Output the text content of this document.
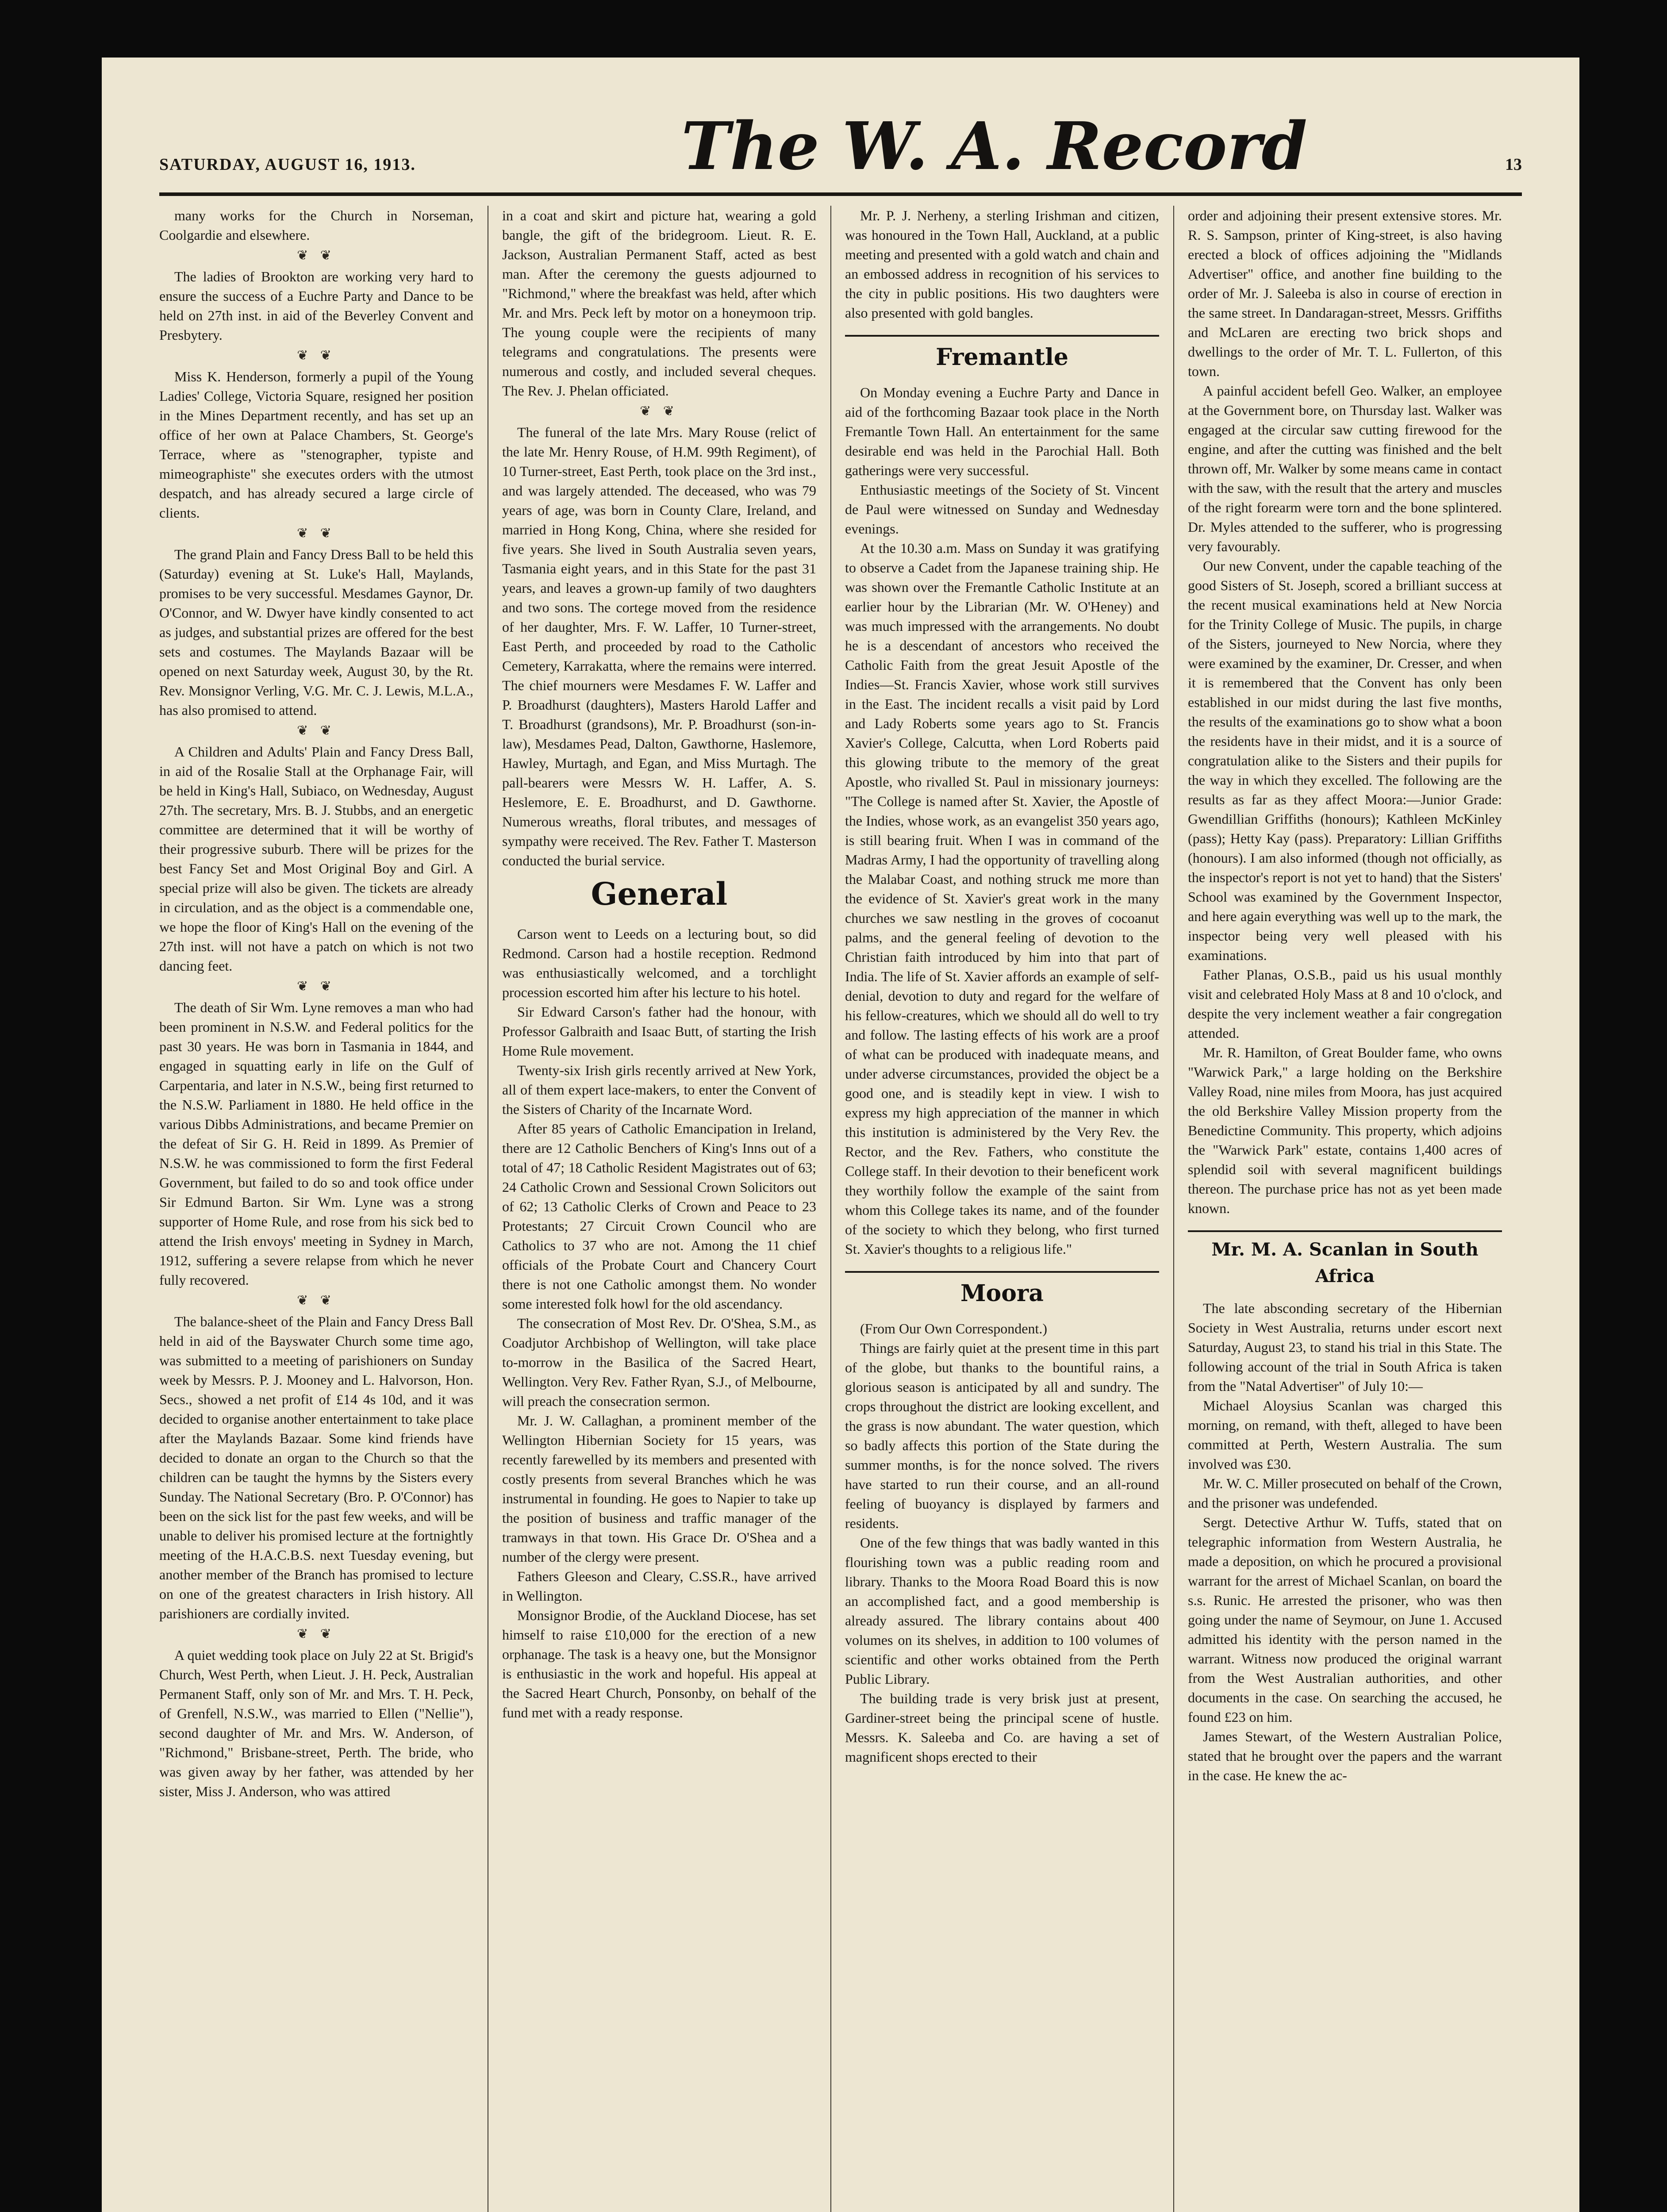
SATURDAY, AUGUST 16, 1913.	The W. A. Record	13

many works for the Church in Norseman, Coolgardie and elsewhere.

❦ ❦

The ladies of Brookton are working very hard to ensure the success of a Euchre Party and Dance to be held on 27th inst. in aid of the Beverley Convent and Presbytery.

❦ ❦

Miss K. Henderson, formerly a pupil of the Young Ladies' College, Victoria Square, resigned her position in the Mines Department recently, and has set up an office of her own at Palace Chambers, St. George's Terrace, where as "stenographer, typiste and mimeographiste" she executes orders with the utmost despatch, and has already secured a large circle of clients.

❦ ❦

The grand Plain and Fancy Dress Ball to be held this (Saturday) evening at St. Luke's Hall, Maylands, promises to be very successful. Mesdames Gaynor, Dr. O'Connor, and W. Dwyer have kindly consented to act as judges, and substantial prizes are offered for the best sets and costumes. The Maylands Bazaar will be opened on next Saturday week, August 30, by the Rt. Rev. Monsignor Verling, V.G. Mr. C. J. Lewis, M.L.A., has also promised to attend.

❦ ❦

A Children and Adults' Plain and Fancy Dress Ball, in aid of the Rosalie Stall at the Orphanage Fair, will be held in King's Hall, Subiaco, on Wednesday, August 27th. The secretary, Mrs. B. J. Stubbs, and an energetic committee are determined that it will be worthy of their progressive suburb. There will be prizes for the best Fancy Set and Most Original Boy and Girl. A special prize will also be given. The tickets are already in circulation, and as the object is a commendable one, we hope the floor of King's Hall on the evening of the 27th inst. will not have a patch on which is not two dancing feet.

❦ ❦

The death of Sir Wm. Lyne removes a man who had been prominent in N.S.W. and Federal politics for the past 30 years. He was born in Tasmania in 1844, and engaged in squatting early in life on the Gulf of Carpentaria, and later in N.S.W., being first returned to the N.S.W. Parliament in 1880. He held office in the various Dibbs Administrations, and became Premier on the defeat of Sir G. H. Reid in 1899. As Premier of N.S.W. he was commissioned to form the first Federal Government, but failed to do so and took office under Sir Edmund Barton. Sir Wm. Lyne was a strong supporter of Home Rule, and rose from his sick bed to attend the Irish envoys' meeting in Sydney in March, 1912, suffering a severe relapse from which he never fully recovered.

❦ ❦

The balance-sheet of the Plain and Fancy Dress Ball held in aid of the Bayswater Church some time ago, was submitted to a meeting of parishioners on Sunday week by Messrs. P. J. Mooney and L. Halvorson, Hon. Secs., showed a net profit of £14 4s 10d, and it was decided to organise another entertainment to take place after the Maylands Bazaar. Some kind friends have decided to donate an organ to the Church so that the children can be taught the hymns by the Sisters every Sunday. The National Secretary (Bro. P. O'Connor) has been on the sick list for the past few weeks, and will be unable to deliver his promised lecture at the fortnightly meeting of the H.A.C.B.S. next Tuesday evening, but another member of the Branch has promised to lecture on one of the greatest characters in Irish history. All parishioners are cordially invited.

❦ ❦

A quiet wedding took place on July 22 at St. Brigid's Church, West Perth, when Lieut. J. H. Peck, Australian Permanent Staff, only son of Mr. and Mrs. T. H. Peck, of Grenfell, N.S.W., was married to Ellen ("Nellie"), second daughter of Mr. and Mrs. W. Anderson, of "Richmond," Brisbane-street, Perth. The bride, who was given away by her father, was attended by her sister, Miss J. Anderson, who was attired

in a coat and skirt and picture hat, wearing a gold bangle, the gift of the bridegroom. Lieut. R. E. Jackson, Australian Permanent Staff, acted as best man. After the ceremony the guests adjourned to "Richmond," where the breakfast was held, after which Mr. and Mrs. Peck left by motor on a honeymoon trip. The young couple were the recipients of many telegrams and congratulations. The presents were numerous and costly, and included several cheques. The Rev. J. Phelan officiated.

❦ ❦

The funeral of the late Mrs. Mary Rouse (relict of the late Mr. Henry Rouse, of H.M. 99th Regiment), of 10 Turner-street, East Perth, took place on the 3rd inst., and was largely attended. The deceased, who was 79 years of age, was born in County Clare, Ireland, and married in Hong Kong, China, where she resided for five years. She lived in South Australia seven years, Tasmania eight years, and in this State for the past 31 years, and leaves a grown-up family of two daughters and two sons. The cortege moved from the residence of her daughter, Mrs. F. W. Laffer, 10 Turner-street, East Perth, and proceeded by road to the Catholic Cemetery, Karrakatta, where the remains were interred. The chief mourners were Mesdames F. W. Laffer and P. Broadhurst (daughters), Masters Harold Laffer and T. Broadhurst (grandsons), Mr. P. Broadhurst (son-in-law), Mesdames Pead, Dalton, Gawthorne, Haslemore, Hawley, Murtagh, and Egan, and Miss Murtagh. The pall-bearers were Messrs W. H. Laffer, A. S. Heslemore, E. E. Broadhurst, and D. Gawthorne. Numerous wreaths, floral tributes, and messages of sympathy were received. The Rev. Father T. Masterson conducted the burial service.

General

Carson went to Leeds on a lecturing bout, so did Redmond. Carson had a hostile reception. Redmond was enthusiastically welcomed, and a torchlight procession escorted him after his lecture to his hotel.

Sir Edward Carson's father had the honour, with Professor Galbraith and Isaac Butt, of starting the Irish Home Rule movement.

Twenty-six Irish girls recently arrived at New York, all of them expert lace-makers, to enter the Convent of the Sisters of Charity of the Incarnate Word.

After 85 years of Catholic Emancipation in Ireland, there are 12 Catholic Benchers of King's Inns out of a total of 47; 18 Catholic Resident Magistrates out of 63; 24 Catholic Crown and Sessional Crown Solicitors out of 62; 13 Catholic Clerks of Crown and Peace to 23 Protestants; 27 Circuit Crown Council who are Catholics to 37 who are not. Among the 11 chief officials of the Probate Court and Chancery Court there is not one Catholic amongst them. No wonder some interested folk howl for the old ascendancy.

The consecration of Most Rev. Dr. O'Shea, S.M., as Coadjutor Archbishop of Wellington, will take place to-morrow in the Basilica of the Sacred Heart, Wellington. Very Rev. Father Ryan, S.J., of Melbourne, will preach the consecration sermon.

Mr. J. W. Callaghan, a prominent member of the Wellington Hibernian Society for 15 years, was recently farewelled by its members and presented with costly presents from several Branches which he was instrumental in founding. He goes to Napier to take up the position of business and traffic manager of the tramways in that town. His Grace Dr. O'Shea and a number of the clergy were present.

Fathers Gleeson and Cleary, C.SS.R., have arrived in Wellington.

Monsignor Brodie, of the Auckland Diocese, has set himself to raise £10,000 for the erection of a new orphanage. The task is a heavy one, but the Monsignor is enthusiastic in the work and hopeful. His appeal at the Sacred Heart Church, Ponsonby, on behalf of the fund met with a ready response.

Mr. P. J. Nerheny, a sterling Irishman and citizen, was honoured in the Town Hall, Auckland, at a public meeting and presented with a gold watch and chain and an embossed address in recognition of his services to the city in public positions. His two daughters were also presented with gold bangles.

Fremantle

On Monday evening a Euchre Party and Dance in aid of the forthcoming Bazaar took place in the North Fremantle Town Hall. An entertainment for the same desirable end was held in the Parochial Hall. Both gatherings were very successful.

Enthusiastic meetings of the Society of St. Vincent de Paul were witnessed on Sunday and Wednesday evenings.

At the 10.30 a.m. Mass on Sunday it was gratifying to observe a Cadet from the Japanese training ship. He was shown over the Fremantle Catholic Institute at an earlier hour by the Librarian (Mr. W. O'Heney) and was much impressed with the arrangements. No doubt he is a descendant of ancestors who received the Catholic Faith from the great Jesuit Apostle of the Indies—St. Francis Xavier, whose work still survives in the East. The incident recalls a visit paid by Lord and Lady Roberts some years ago to St. Francis Xavier's College, Calcutta, when Lord Roberts paid this glowing tribute to the memory of the great Apostle, who rivalled St. Paul in missionary journeys: "The College is named after St. Xavier, the Apostle of the Indies, whose work, as an evangelist 350 years ago, is still bearing fruit. When I was in command of the Madras Army, I had the opportunity of travelling along the Malabar Coast, and nothing struck me more than the evidence of St. Xavier's great work in the many churches we saw nestling in the groves of cocoanut palms, and the general feeling of devotion to the Christian faith introduced by him into that part of India. The life of St. Xavier affords an example of self-denial, devotion to duty and regard for the welfare of his fellow-creatures, which we should all do well to try and follow. The lasting effects of his work are a proof of what can be produced with inadequate means, and under adverse circumstances, provided the object be a good one, and is steadily kept in view. I wish to express my high appreciation of the manner in which this institution is administered by the Very Rev. the Rector, and the Rev. Fathers, who constitute the College staff. In their devotion to their beneficent work they worthily follow the example of the saint from whom this College takes its name, and of the founder of the society to which they belong, who first turned St. Xavier's thoughts to a religious life."

Moora

(From Our Own Correspondent.)

Things are fairly quiet at the present time in this part of the globe, but thanks to the bountiful rains, a glorious season is anticipated by all and sundry. The crops throughout the district are looking excellent, and the grass is now abundant. The water question, which so badly affects this portion of the State during the summer months, is for the nonce solved. The rivers have started to run their course, and an all-round feeling of buoyancy is displayed by farmers and residents.

One of the few things that was badly wanted in this flourishing town was a public reading room and library. Thanks to the Moora Road Board this is now an accomplished fact, and a good membership is already assured. The library contains about 400 volumes on its shelves, in addition to 100 volumes of scientific and other works obtained from the Perth Public Library.

The building trade is very brisk just at present, Gardiner-street being the principal scene of hustle. Messrs. K. Saleeba and Co. are having a set of magnificent shops erected to their

order and adjoining their present extensive stores. Mr. R. S. Sampson, printer of King-street, is also having erected a block of offices adjoining the "Midlands Advertiser" office, and another fine building to the order of Mr. J. Saleeba is also in course of erection in the same street. In Dandaragan-street, Messrs. Griffiths and McLaren are erecting two brick shops and dwellings to the order of Mr. T. L. Fullerton, of this town.

A painful accident befell Geo. Walker, an employee at the Government bore, on Thursday last. Walker was engaged at the circular saw cutting firewood for the engine, and after the cutting was finished and the belt thrown off, Mr. Walker by some means came in contact with the saw, with the result that the artery and muscles of the right forearm were torn and the bone splintered. Dr. Myles attended to the sufferer, who is progressing very favourably.

Our new Convent, under the capable teaching of the good Sisters of St. Joseph, scored a brilliant success at the recent musical examinations held at New Norcia for the Trinity College of Music. The pupils, in charge of the Sisters, journeyed to New Norcia, where they were examined by the examiner, Dr. Cresser, and when it is remembered that the Convent has only been established in our midst during the last five months, the results of the examinations go to show what a boon the residents have in their midst, and it is a source of congratulation alike to the Sisters and their pupils for the way in which they excelled. The following are the results as far as they affect Moora:—Junior Grade: Gwendillian Griffiths (honours); Kathleen McKinley (pass); Hetty Kay (pass). Preparatory: Lillian Griffiths (honours). I am also informed (though not officially, as the inspector's report is not yet to hand) that the Sisters' School was examined by the Government Inspector, and here again everything was well up to the mark, the inspector being very well pleased with his examinations.

Father Planas, O.S.B., paid us his usual monthly visit and celebrated Holy Mass at 8 and 10 o'clock, and despite the very inclement weather a fair congregation attended.

Mr. R. Hamilton, of Great Boulder fame, who owns "Warwick Park," a large holding on the Berkshire Valley Road, nine miles from Moora, has just acquired the old Berkshire Valley Mission property from the Benedictine Community. This property, which adjoins the "Warwick Park" estate, contains 1,400 acres of splendid soil with several magnificent buildings thereon. The purchase price has not as yet been made known.

Mr. M. A. Scanlan in South Africa

The late absconding secretary of the Hibernian Society in West Australia, returns under escort next Saturday, August 23, to stand his trial in this State. The following account of the trial in South Africa is taken from the "Natal Advertiser" of July 10:—

Michael Aloysius Scanlan was charged this morning, on remand, with theft, alleged to have been committed at Perth, Western Australia. The sum involved was £30.

Mr. W. C. Miller prosecuted on behalf of the Crown, and the prisoner was undefended.

Sergt. Detective Arthur W. Tuffs, stated that on telegraphic information from Western Australia, he made a deposition, on which he procured a provisional warrant for the arrest of Michael Scanlan, on board the s.s. Runic. He arrested the prisoner, who was then going under the name of Seymour, on June 1. Accused admitted his identity with the person named in the warrant. Witness now produced the original warrant from the West Australian authorities, and other documents in the case. On searching the accused, he found £23 on him.

James Stewart, of the Western Australian Police, stated that he brought over the papers and the warrant in the case. He knew the ac-
